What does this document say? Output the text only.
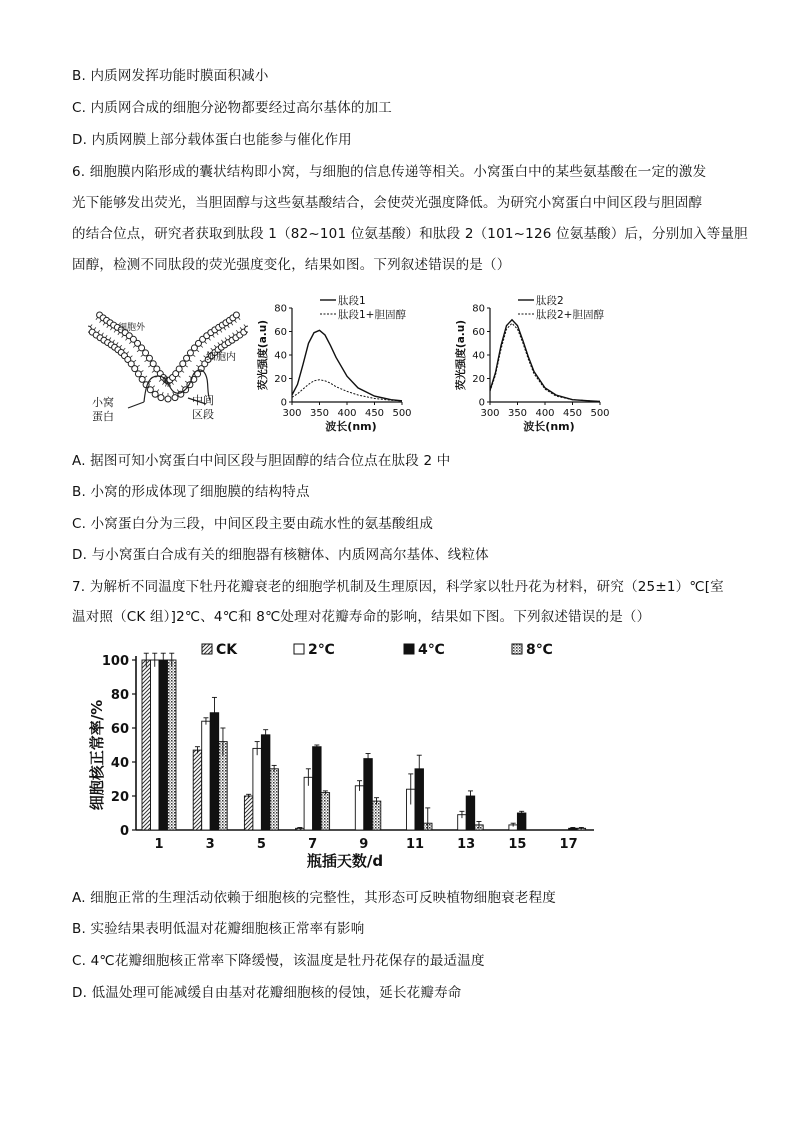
B. 内质网发挥功能时膜面积减小
C. 内质网合成的细胞分泌物都要经过高尔基体的加工
D. 内质网膜上部分载体蛋白也能参与催化作用
6. 细胞膜内陷形成的囊状结构即小窝，与细胞的信息传递等相关。小窝蛋白中的某些氨基酸在一定的激发
光下能够发出荧光，当胆固醇与这些氨基酸结合，会使荧光强度降低。为研究小窝蛋白中间区段与胆固醇
的结合位点，研究者获取到肽段 1（82~101 位氨基酸）和肽段 2（101~126 位氨基酸）后，分别加入等量胆
固醇，检测不同肽段的荧光强度变化，结果如图。下列叙述错误的是（）
细胞外
细胞内
小窝
蛋白
中间
区段	300 350 400 450 500
0
20
40
60
80
波长(nm)
荧光强度(a.u)
肽段1
肽段1+胆固醇
300 350 400 450 500
0
20
40
60
80
波长(nm)
荧光强度(a.u)
肽段2
肽段2+胆固醇
A. 据图可知小窝蛋白中间区段与胆固醇的结合位点在肽段 2 中
B. 小窝的形成体现了细胞膜的结构特点
C. 小窝蛋白分为三段，中间区段主要由疏水性的氨基酸组成
D. 与小窝蛋白合成有关的细胞器有核糖体、内质网高尔基体、线粒体
7. 为解析不同温度下牡丹花瓣衰老的细胞学机制及生理原因，科学家以牡丹花为材料，研究（25±1）℃[室
温对照（CK 组）]2℃、4℃和 8℃处理对花瓣寿命的影响，结果如下图。下列叙述错误的是（）
0
20
40
60
80
100
细胞核正常率/%
1	3	5	7	9	11	13	15	17
瓶插天数/d
CK	2℃	4℃	8℃
A. 细胞正常的生理活动依赖于细胞核的完整性，其形态可反映植物细胞衰老程度
B. 实验结果表明低温对花瓣细胞核正常率有影响
C. 4℃花瓣细胞核正常率下降缓慢，该温度是牡丹花保存的最适温度
D. 低温处理可能减缓自由基对花瓣细胞核的侵蚀，延长花瓣寿命
